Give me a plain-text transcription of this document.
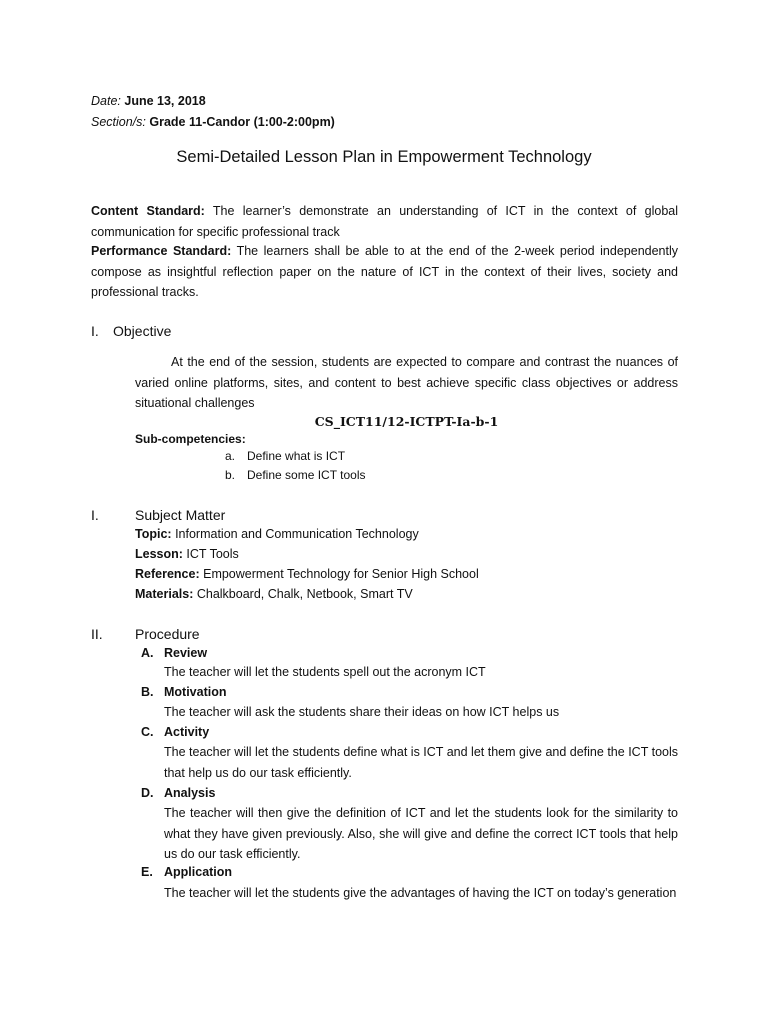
Date: June 13, 2018
Section/s: Grade 11-Candor (1:00-2:00pm)
Semi-Detailed Lesson Plan in Empowerment Technology
Content Standard: The learner’s demonstrate an understanding of ICT in the context of global communication for specific professional track
Performance Standard: The learners shall be able to at the end of the 2-week period independently compose as insightful reflection paper on the nature of ICT in the context of their lives, society and professional tracks.
I. Objective
At the end of the session, students are expected to compare and contrast the nuances of varied online platforms, sites, and content to best achieve specific class objectives or address situational challenges
CS_ICT11/12-ICTPT-Ia-b-1
Sub-competencies:
a. Define what is ICT
b. Define some ICT tools
I.	Subject Matter
Topic: Information and Communication Technology
Lesson: ICT Tools
Reference: Empowerment Technology for Senior High School
Materials: Chalkboard, Chalk, Netbook, Smart TV
II. Procedure
A. Review
The teacher will let the students spell out the acronym ICT
B. Motivation
The teacher will ask the students share their ideas on how ICT helps us
C. Activity
The teacher will let the students define what is ICT and let them give and define the ICT tools that help us do our task efficiently.
D. Analysis
The teacher will then give the definition of ICT and let the students look for the similarity to what they have given previously. Also, she will give and define the correct ICT tools that help us do our task efficiently.
E. Application
The teacher will let the students give the advantages of having the ICT on today’s generation
